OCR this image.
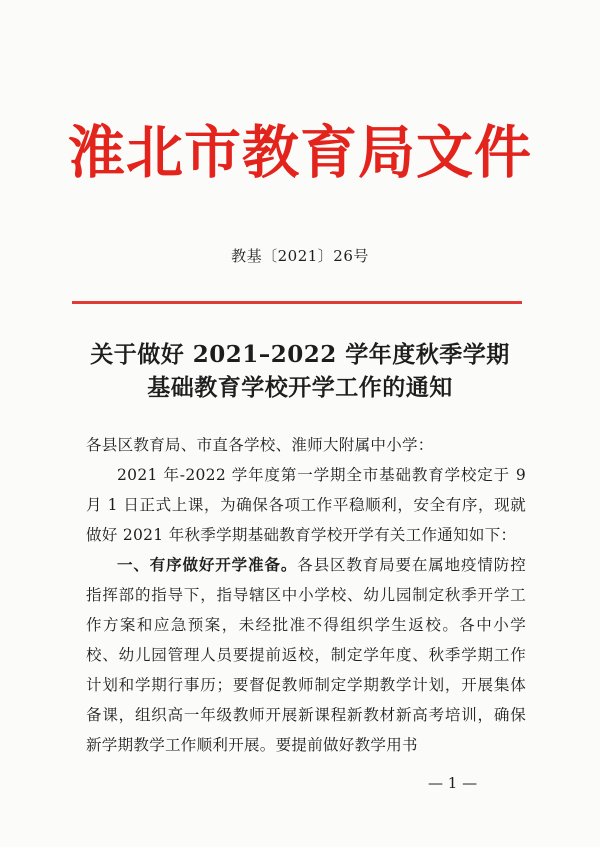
淮北市教育局文件
教基〔2021〕26号
关于做好 2021–2022 学年度秋季学期
基础教育学校开学工作的通知

各县区教育局、市直各学校、淮师大附属中小学：

2021 年-2022 学年度第一学期全市基础教育学校定于 9 月 1 日正式上课，为确保各项工作平稳顺利，安全有序，现就做好 2021 年秋季学期基础教育学校开学有关工作通知如下：

一、有序做好开学准备。各县区教育局要在属地疫情防控指挥部的指导下，指导辖区中小学校、幼儿园制定秋季开学工作方案和应急预案，未经批准不得组织学生返校。各中小学校、幼儿园管理人员要提前返校，制定学年度、秋季学期工作计划和学期行事历；要督促教师制定学期教学计划，开展集体备课，组织高一年级教师开展新课程新教材新高考培训，确保新学期教学工作顺利开展。要提前做好教学用书

— 1 —
